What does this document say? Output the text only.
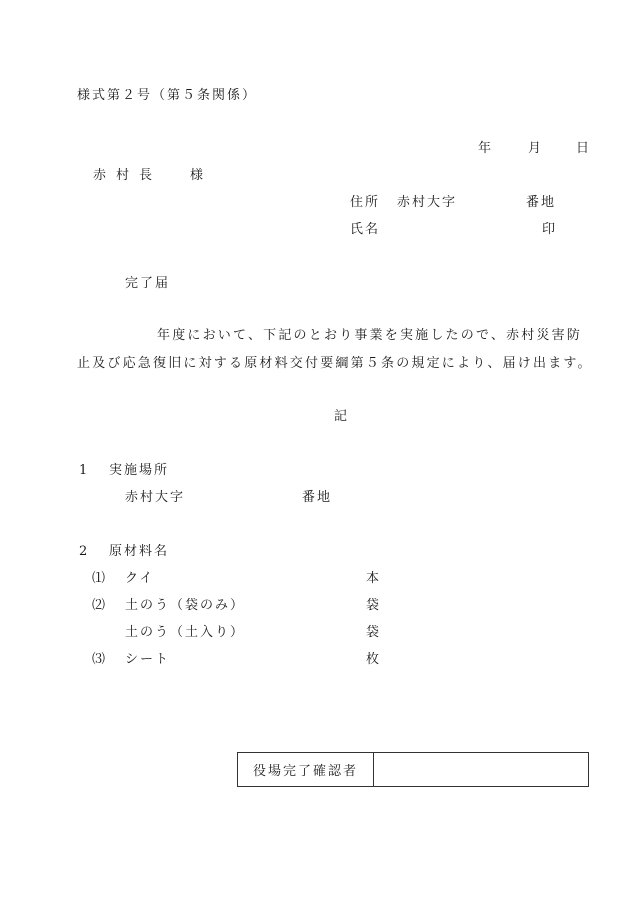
様式第２号（第５条関係）
年	月	日
赤村長 様
住所 赤村大字	番地
氏名	印
完了届
年度において、下記のとおり事業を実施したので、赤村災害防
止及び応急復旧に対する原材料交付要綱第５条の規定により、届け出ます。
記
1 実施場所
赤村大字	番地
2 原材料名
⑴ クイ	本
⑵ 土のう（袋のみ）	袋
土のう（土入り）	袋
⑶ シート	枚
役場完了確認者
